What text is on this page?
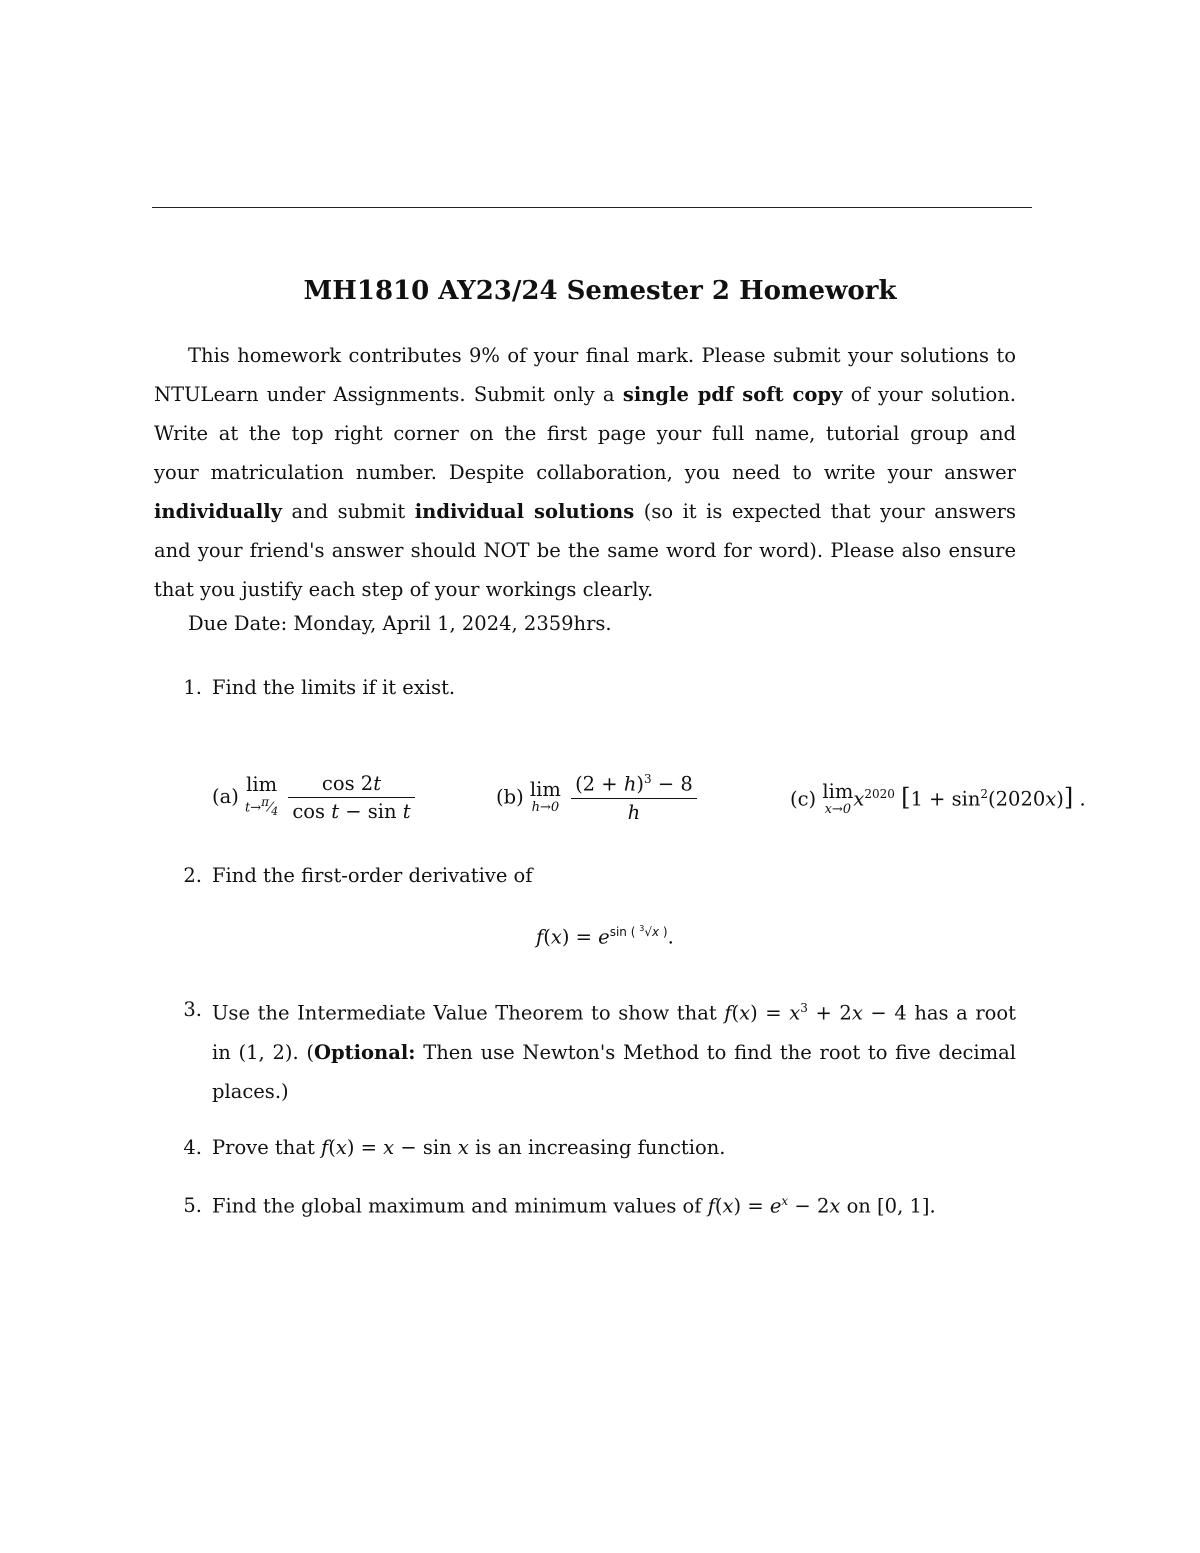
MH1810 AY23/24 Semester 2 Homework
This homework contributes 9% of your final mark. Please submit your solutions to
NTULearn under Assignments. Submit only a single pdf soft copy of your solution.
Write at the top right corner on the first page your full name, tutorial group and
your matriculation number. Despite collaboration, you need to write your answer
individually and submit individual solutions (so it is expected that your answers
and your friend's answer should NOT be the same word for word). Please also ensure
that you justify each step of your workings clearly.
Due Date: Monday, April 1, 2024, 2359hrs.
1. Find the limits if it exist.
(a) lim
$t\to^\pi⁄_4$
$\frac{\cos 2t}{\text{cos t − sin t}}$	(b) lim
h→0
$\frac{(2 + h)^3 - 8}{h}$	(c) lim
x→0 $x^{2020}$ $[1 + \sin^2(2020x)]$ .
2. Find the first-order derivative of
$f(x) = e^{sin ( ^3√x )}$.
3. Use the Intermediate Value Theorem to show that $f(x) = x^3 + 2x - 4$ has a root
in (1, 2). (Optional: Then use Newton's Method to find the root to five decimal
places.)
4. Prove that f(x) = x − sin x is an increasing function.
5. Find the global maximum and minimum values of $f(x) = e^x - 2x$ on [0, 1].
